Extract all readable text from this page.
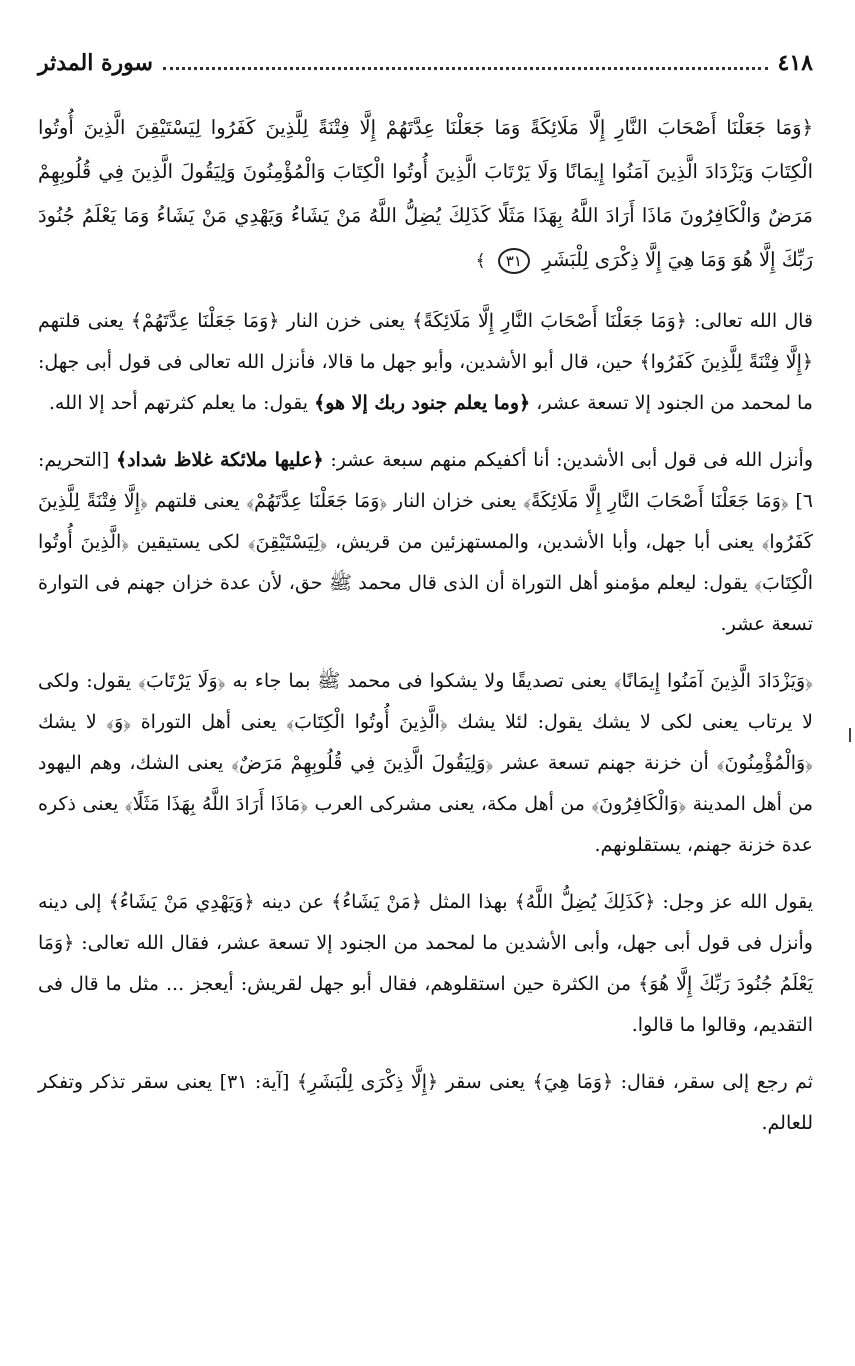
٤١٨
سورة المدثر

﴿وَمَا جَعَلْنَا أَصْحَابَ النَّارِ إِلَّا مَلَائِكَةً وَمَا جَعَلْنَا عِدَّتَهُمْ إِلَّا فِتْنَةً لِلَّذِينَ كَفَرُوا لِيَسْتَيْقِنَ الَّذِينَ أُوتُوا الْكِتَابَ وَيَزْدَادَ الَّذِينَ آمَنُوا إِيمَانًا وَلَا يَرْتَابَ الَّذِينَ أُوتُوا الْكِتَابَ وَالْمُؤْمِنُونَ وَلِيَقُولَ الَّذِينَ فِي قُلُوبِهِمْ مَرَضٌ وَالْكَافِرُونَ مَاذَا أَرَادَ اللَّهُ بِهَذَا مَثَلًا كَذَلِكَ يُضِلُّ اللَّهُ مَنْ يَشَاءُ وَيَهْدِي مَنْ يَشَاءُ وَمَا يَعْلَمُ جُنُودَ رَبِّكَ إِلَّا هُوَ وَمَا هِيَ إِلَّا ذِكْرَى لِلْبَشَرِ ٣١ ﴾

قال الله تعالى: ﴿وَمَا جَعَلْنَا أَصْحَابَ النَّارِ إِلَّا مَلَائِكَةً﴾ يعنى خزن النار ﴿وَمَا جَعَلْنَا عِدَّتَهُمْ﴾ يعنى قلتهم ﴿إِلَّا فِتْنَةً لِلَّذِينَ كَفَرُوا﴾ حين، قال أبو الأشدين، وأبو جهل ما قالا، فأنزل الله تعالى فى قول أبى جهل: ما لمحمد من الجنود إلا تسعة عشر، ﴿وما يعلم جنود ربك إلا هو﴾ يقول: ما يعلم كثرتهم أحد إلا الله.

وأنزل الله فى قول أبى الأشدين: أنا أكفيكم منهم سبعة عشر: ﴿عليها ملائكة غلاظ شداد﴾ [التحريم: ٦] ﴿وَمَا جَعَلْنَا أَصْحَابَ النَّارِ إِلَّا مَلَائِكَةً﴾ يعنى خزان النار ﴿وَمَا جَعَلْنَا عِدَّتَهُمْ﴾ يعنى قلتهم ﴿إِلَّا فِتْنَةً لِلَّذِينَ كَفَرُوا﴾ يعنى أبا جهل، وأبا الأشدين، والمستهزئين من قريش، ﴿لِيَسْتَيْقِنَ﴾ لكى يستيقين ﴿الَّذِينَ أُوتُوا الْكِتَابَ﴾ يقول: ليعلم مؤمنو أهل التوراة أن الذى قال محمد ﷺ حق، لأن عدة خزان جهنم فى التوارة تسعة عشر.

﴿وَيَزْدَادَ الَّذِينَ آمَنُوا إِيمَانًا﴾ يعنى تصديقًا ولا يشكوا فى محمد ﷺ بما جاء به ﴿وَلَا يَرْتَابَ﴾ يقول: ولكى لا يرتاب يعنى لكى لا يشك يقول: لئلا يشك ﴿الَّذِينَ أُوتُوا الْكِتَابَ﴾ يعنى أهل التوراة ﴿وَ﴾ لا يشك ﴿وَالْمُؤْمِنُونَ﴾ أن خزنة جهنم تسعة عشر ﴿وَلِيَقُولَ الَّذِينَ فِي قُلُوبِهِمْ مَرَضٌ﴾ يعنى الشك، وهم اليهود من أهل المدينة ﴿وَالْكَافِرُونَ﴾ من أهل مكة، يعنى مشركى العرب ﴿مَاذَا أَرَادَ اللَّهُ بِهَذَا مَثَلًا﴾ يعنى ذكره عدة خزنة جهنم، يستقلونهم.

يقول الله عز وجل: ﴿كَذَلِكَ يُضِلُّ اللَّهُ﴾ بهذا المثل ﴿مَنْ يَشَاءُ﴾ عن دينه ﴿وَيَهْدِي مَنْ يَشَاءُ﴾ إلى دينه وأنزل فى قول أبى جهل، وأبى الأشدين ما لمحمد من الجنود إلا تسعة عشر، فقال الله تعالى: ﴿وَمَا يَعْلَمُ جُنُودَ رَبِّكَ إِلَّا هُوَ﴾ من الكثرة حين استقلوهم، فقال أبو جهل لقريش: أيعجز ... مثل ما قال فى التقديم، وقالوا ما قالوا.

ثم رجع إلى سقر، فقال: ﴿وَمَا هِيَ﴾ يعنى سقر ﴿إِلَّا ذِكْرَى لِلْبَشَرِ﴾ [آية: ٣١] يعنى سقر تذكر وتفكر للعالم.
